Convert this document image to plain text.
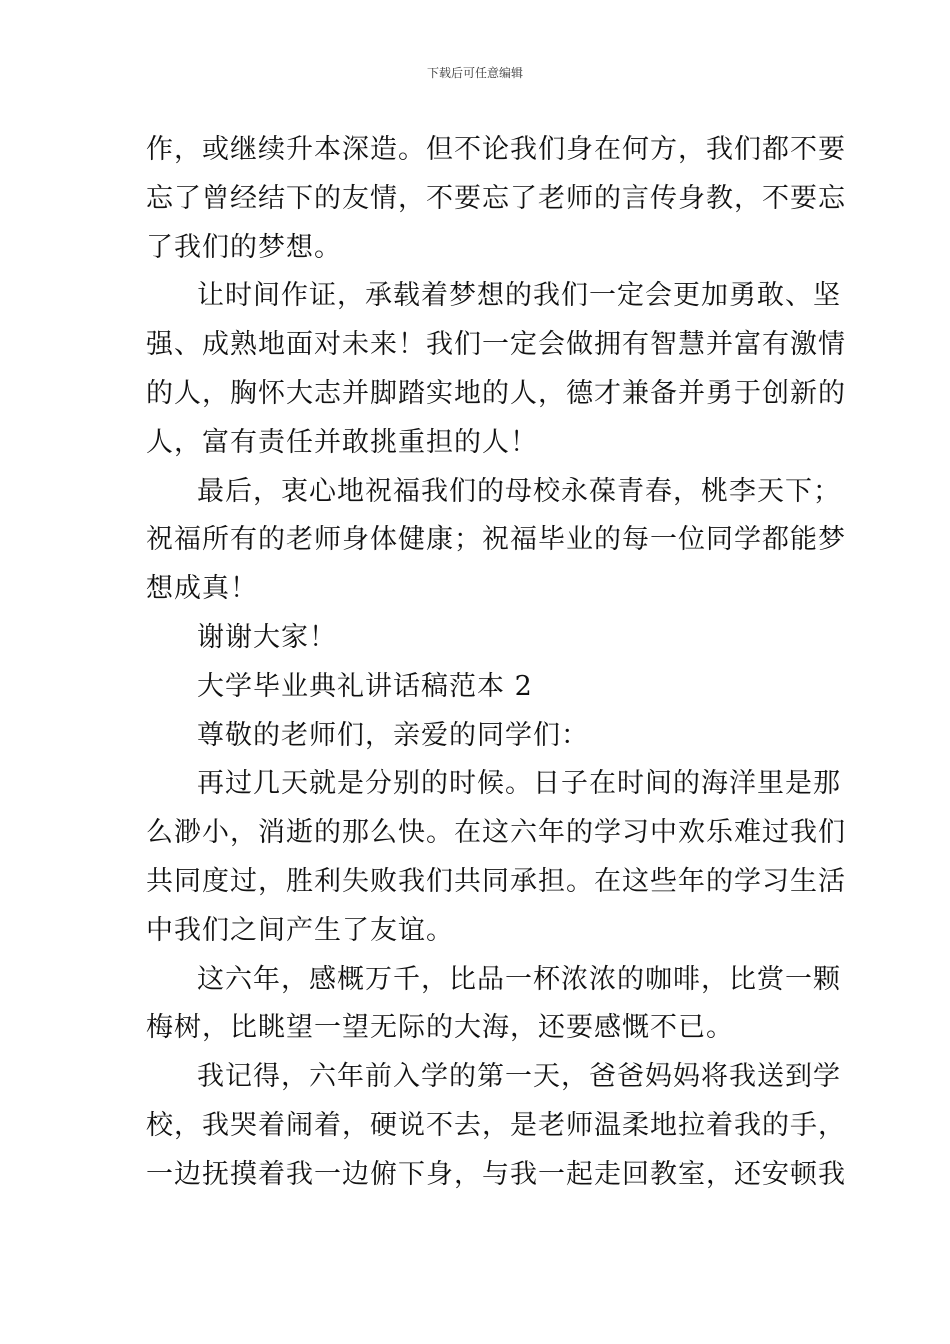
下载后可任意编辑
作，或继续升本深造。但不论我们身在何方，我们都不要
忘了曾经结下的友情，不要忘了老师的言传身教，不要忘
了我们的梦想。
让时间作证，承载着梦想的我们一定会更加勇敢、坚
强、成熟地面对未来！我们一定会做拥有智慧并富有激情
的人，胸怀大志并脚踏实地的人，德才兼备并勇于创新的
人，富有责任并敢挑重担的人！
最后，衷心地祝福我们的母校永葆青春，桃李天下；
祝福所有的老师身体健康；祝福毕业的每一位同学都能梦
想成真！
谢谢大家！
大学毕业典礼讲话稿范本 2
尊敬的老师们，亲爱的同学们：
再过几天就是分别的时候。日子在时间的海洋里是那
么渺小，消逝的那么快。在这六年的学习中欢乐难过我们
共同度过，胜利失败我们共同承担。在这些年的学习生活
中我们之间产生了友谊。
这六年，感概万千，比品一杯浓浓的咖啡，比赏一颗
梅树，比眺望一望无际的大海，还要感慨不已。
我记得，六年前入学的第一天，爸爸妈妈将我送到学
校，我哭着闹着，硬说不去，是老师温柔地拉着我的手，
一边抚摸着我一边俯下身，与我一起走回教室，还安顿我
